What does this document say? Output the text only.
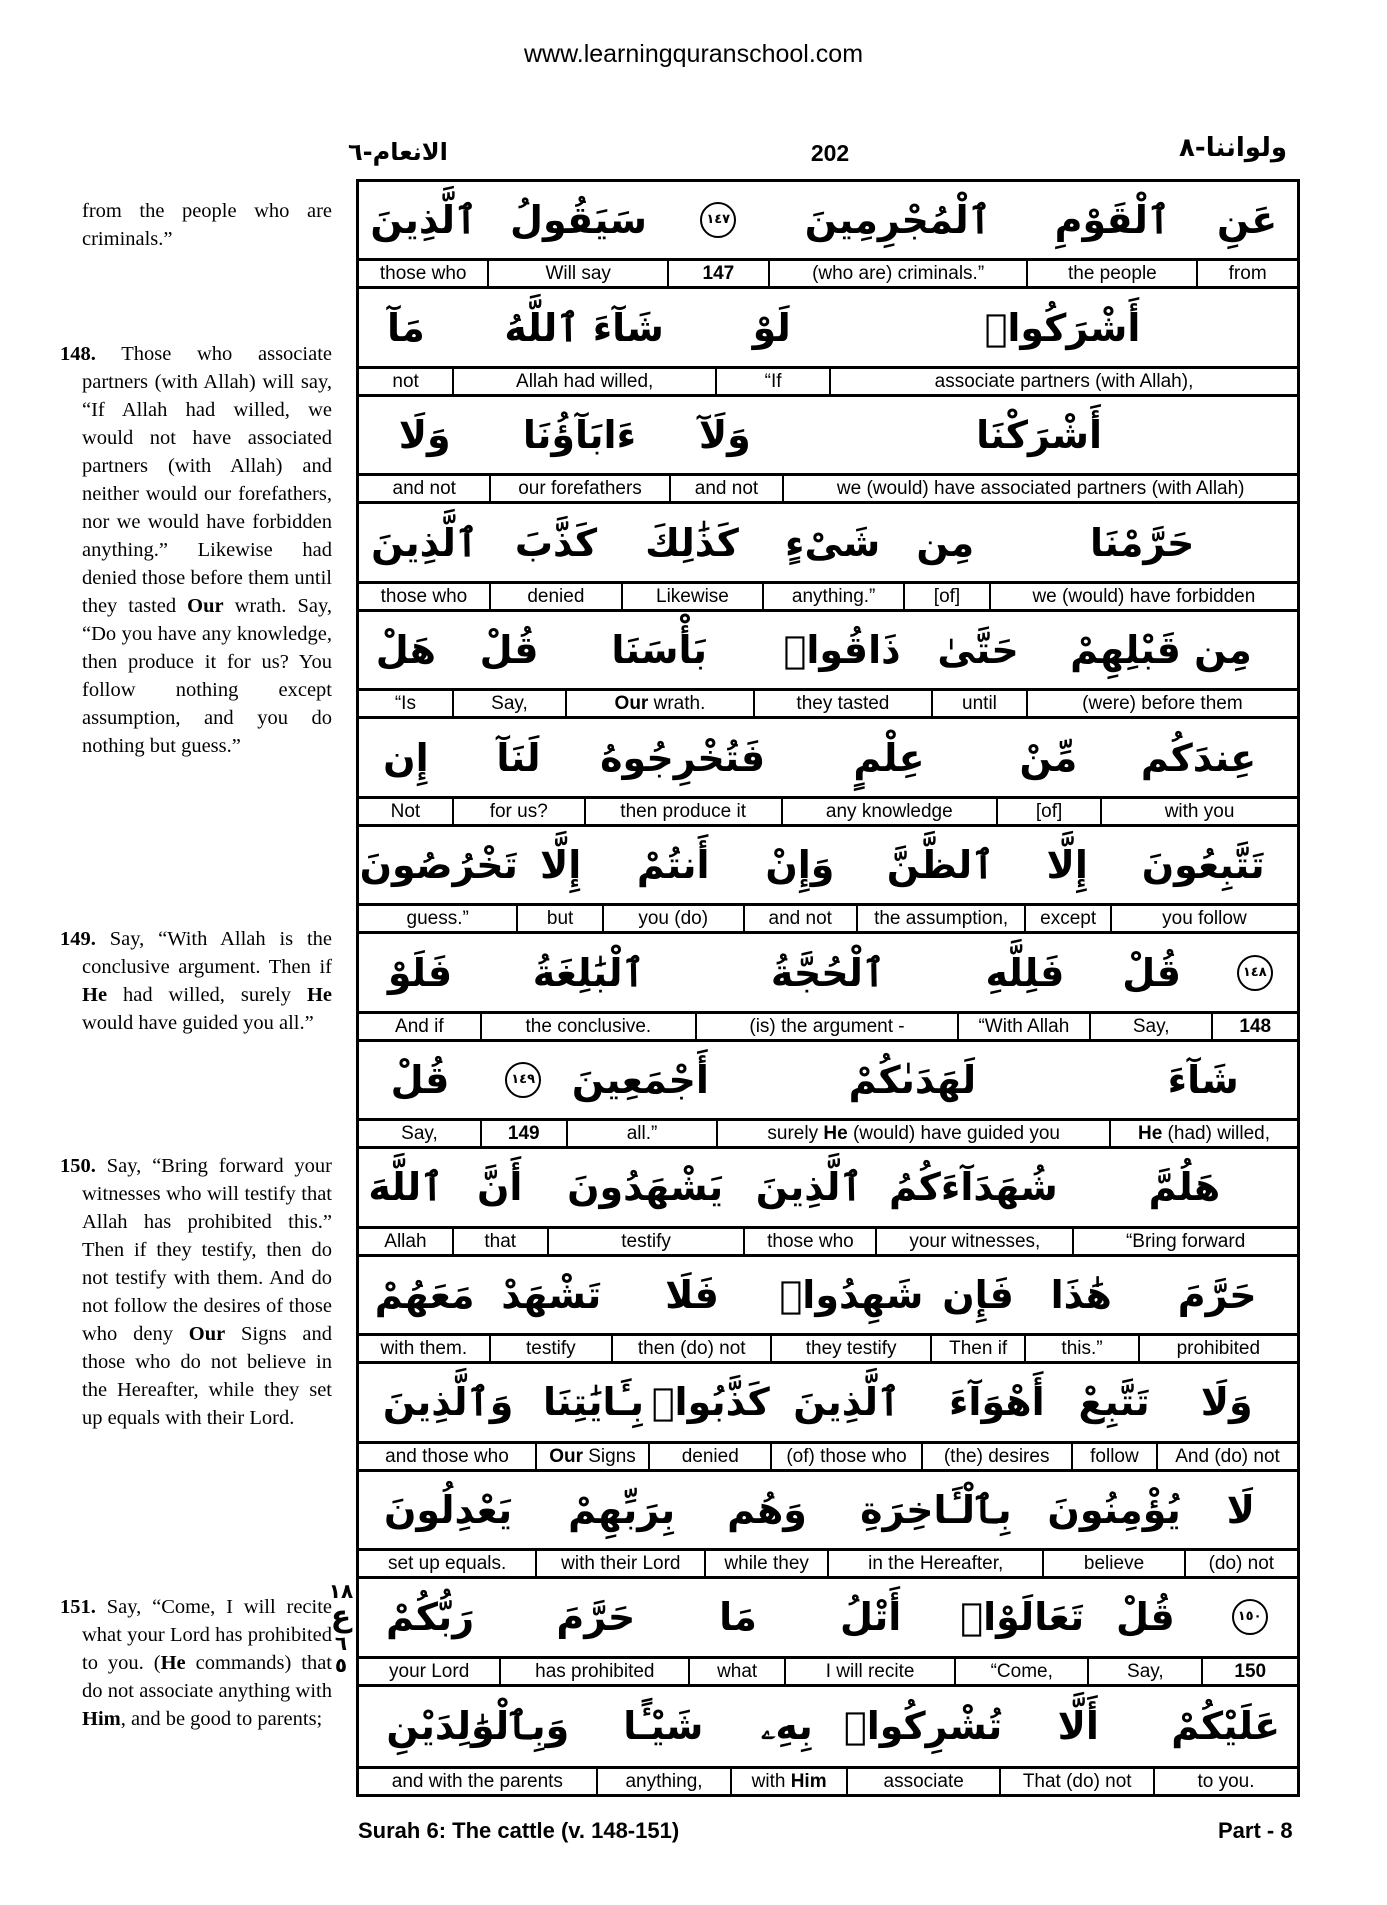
www.learningquranschool.com
الانعام-٦	202	ولواننا-٨

from the people who are criminals.”

148. Those who associate partners (with Allah) will say, “If Allah had willed, we would not have associated partners (with Allah) and neither would our forefathers, nor we would have forbidden anything.” Likewise had denied those before them until they tasted Our wrath. Say, “Do you have any knowledge, then produce it for us? You follow nothing except assumption, and you do nothing but guess.”

149. Say, “With Allah is the conclusive argument. Then if He had willed, surely He would have guided you all.”

150. Say, “Bring forward your witnesses who will testify that Allah has prohibited this.” Then if they testify, then do not testify with them. And do not follow the desires of those who deny Our Signs and those who do not believe in the Hereafter, while they set up equals with their Lord.

151. Say, “Come, I will recite what your Lord has prohibited to you. (He commands) that do not associate anything with Him, and be good to parents;

١٨
ع
٦
٥
ٱلَّذِينَ سَيَقُولُ	١٤٧	ٱلْمُجْرِمِينَ	ٱلْقَوْمِ	عَنِ
those who	Will say	147	(who are) criminals.”	the people	from
مَآ	شَآءَ ٱللَّهُ	لَوْ	أَشْرَكُوا۟
not	Allah had willed,	“If	associate partners (with Allah),
وَلَا	ءَابَآؤُنَا	وَلَآ	أَشْرَكْنَا
and not	our forefathers	and not	we (would) have associated partners (with Allah)
ٱلَّذِينَ كَذَّبَ	كَذَٰلِكَ	شَىْءٍ مِن	حَرَّمْنَا
those who	denied	Likewise	anything.”	[of]	we (would) have forbidden
هَلْ	قُلْ	بَأْسَنَا	ذَاقُوا۟ حَتَّىٰ	مِن قَبْلِهِمْ
“Is	Say,	Our wrath.	they tasted	until	(were) before them
إِن	لَنَآ	فَتُخْرِجُوهُ	عِلْمٍ	مِّنْ	عِندَكُم
Not	for us?	then produce it	any knowledge	[of]	with you
تَخْرُصُونَ إِلَّا	أَنتُمْ	وَإِنْ	ٱلظَّنَّ	إِلَّا	تَتَّبِعُونَ
guess.”	but	you (do)	and not	the assumption,	except	you follow
فَلَوْ	ٱلْبَٰلِغَةُ	ٱلْحُجَّةُ	فَلِلَّهِ	قُلْ	١٤٨
And if	the conclusive.	(is) the argument -	“With Allah	Say,	148
قُلْ	١٤٩ أَجْمَعِينَ	لَهَدَىٰكُمْ	شَآءَ
Say,	149	all.”	surely He (would) have guided you	He (had) willed,
ٱللَّهَ أَنَّ	يَشْهَدُونَ ٱلَّذِينَ شُهَدَآءَكُمُ	هَلُمَّ
Allah	that	testify	those who	your witnesses,	“Bring forward
مَعَهُمْ تَشْهَدْ	فَلَا	شَهِدُوا۟ فَإِن هَٰذَا	حَرَّمَ
with them.	testify	then (do) not	they testify	Then if	this.”	prohibited
وَٱلَّذِينَ بِـَٔايَٰتِنَا كَذَّبُوا۟ ٱلَّذِينَ	أَهْوَآءَ تَتَّبِعْ	وَلَا
and those who	Our Signs	denied	(of) those who	(the) desires	follow	And (do) not
يَعْدِلُونَ	بِرَبِّهِمْ	وَهُم	بِٱلْـَٔاخِرَةِ يُؤْمِنُونَ	لَا
set up equals.	with their Lord	while they	in the Hereafter,	believe	(do) not
رَبُّكُمْ	حَرَّمَ	مَا	أَتْلُ	تَعَالَوْا۟ قُلْ	١٥٠
your Lord	has prohibited	what	I will recite	“Come,	Say,	150
وَبِٱلْوَٰلِدَيْنِ	شَيْـًٔا	بِهِۦ تُشْرِكُوا۟	أَلَّا	عَلَيْكُمْ
and with the parents	anything,	with Him	associate	That (do) not	to you.
Surah 6: The cattle (v. 148-151)	Part - 8
